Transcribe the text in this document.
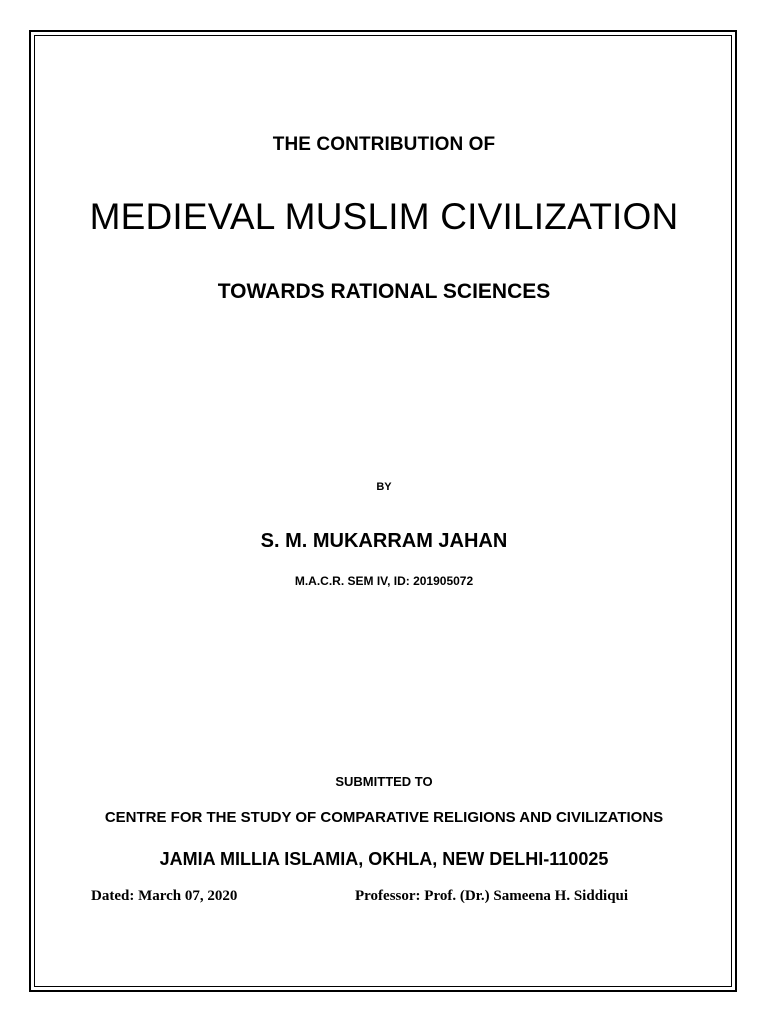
THE CONTRIBUTION OF
MEDIEVAL MUSLIM CIVILIZATION
TOWARDS RATIONAL SCIENCES
BY
S. M. MUKARRAM JAHAN
M.A.C.R. SEM IV, ID: 201905072
SUBMITTED TO
CENTRE FOR THE STUDY OF COMPARATIVE RELIGIONS AND CIVILIZATIONS
JAMIA MILLIA ISLAMIA, OKHLA, NEW DELHI-110025
Dated: March 07, 2020	Professor: Prof. (Dr.) Sameena H. Siddiqui
